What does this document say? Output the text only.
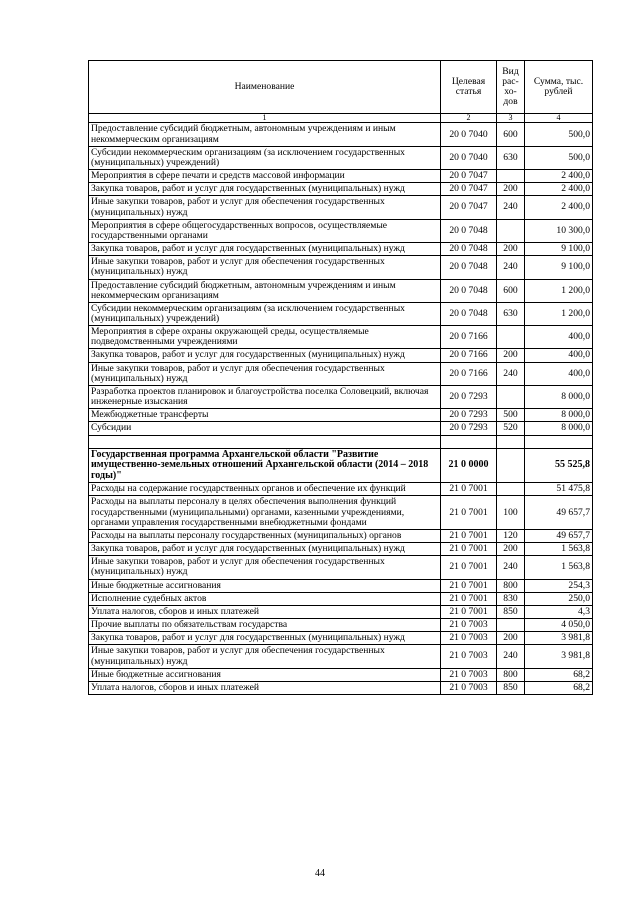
Наименование	Целевая статья	Вид рас- хо- дов	Сумма, тыс. рублей
1	2	3	4
Предоставление субсидий бюджетным, автономным учреждениям и иным некоммерческим организациям	20 0 7040	600	500,0
Субсидии некоммерческим организациям (за исключением государственных (муниципальных) учреждений)	20 0 7040	630	500,0
Мероприятия в сфере печати и средств массовой информации	20 0 7047		2 400,0
Закупка товаров, работ и услуг для государственных (муниципальных) нужд	20 0 7047	200	2 400,0
Иные закупки товаров, работ и услуг для обеспечения государственных (муниципальных) нужд	20 0 7047	240	2 400,0
Мероприятия в сфере общегосударственных вопросов, осуществляемые государственными органами	20 0 7048		10 300,0
Закупка товаров, работ и услуг для государственных (муниципальных) нужд	20 0 7048	200	9 100,0
Иные закупки товаров, работ и услуг для обеспечения государственных (муниципальных) нужд	20 0 7048	240	9 100,0
Предоставление субсидий бюджетным, автономным учреждениям и иным некоммерческим организациям	20 0 7048	600	1 200,0
Субсидии некоммерческим организациям (за исключением государственных (муниципальных) учреждений)	20 0 7048	630	1 200,0
Мероприятия в сфере охраны окружающей среды, осуществляемые подведомственными учреждениями	20 0 7166		400,0
Закупка товаров, работ и услуг для государственных (муниципальных) нужд	20 0 7166	200	400,0
Иные закупки товаров, работ и услуг для обеспечения государственных (муниципальных) нужд	20 0 7166	240	400,0
Разработка проектов планировок и благоустройства поселка Соловецкий, включая инженерные изыскания	20 0 7293		8 000,0
Межбюджетные трансферты	20 0 7293	500	8 000,0
Субсидии	20 0 7293	520	8 000,0

Государственная программа Архангельской области "Развитие имущественно-земельных отношений Архангельской области (2014 – 2018 годы)"	21 0 0000		55 525,8
Расходы на содержание государственных органов и обеспечение их функций	21 0 7001		51 475,8
Расходы на выплаты персоналу в целях обеспечения выполнения функций государственными (муниципальными) органами, казенными учреждениями, органами управления государственными внебюджетными фондами	21 0 7001	100	49 657,7
Расходы на выплаты персоналу государственных (муниципальных) органов	21 0 7001	120	49 657,7
Закупка товаров, работ и услуг для государственных (муниципальных) нужд	21 0 7001	200	1 563,8
Иные закупки товаров, работ и услуг для обеспечения государственных (муниципальных) нужд	21 0 7001	240	1 563,8
Иные бюджетные ассигнования	21 0 7001	800	254,3
Исполнение судебных актов	21 0 7001	830	250,0
Уплата налогов, сборов и иных платежей	21 0 7001	850	4,3
Прочие выплаты по обязательствам государства	21 0 7003		4 050,0
Закупка товаров, работ и услуг для государственных (муниципальных) нужд	21 0 7003	200	3 981,8
Иные закупки товаров, работ и услуг для обеспечения государственных (муниципальных) нужд	21 0 7003	240	3 981,8
Иные бюджетные ассигнования	21 0 7003	800	68,2
Уплата налогов, сборов и иных платежей	21 0 7003	850	68,2
44
